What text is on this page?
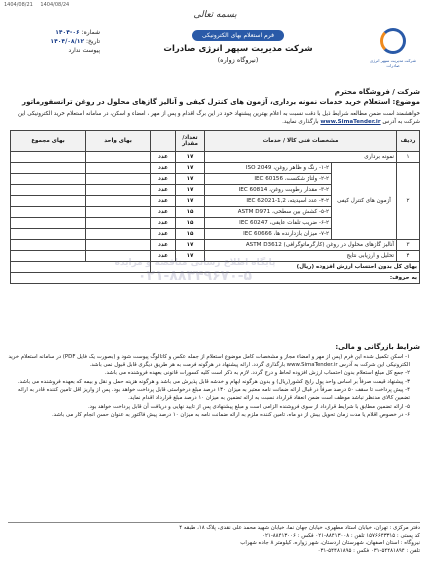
1404/08/21 1404/08/24
بسمه تعالی
شرکت مدیریت سپهر انرژی صادرات
فرم استعلام بهای الکترونیکی
شرکت مدیریت سپهر انرژی صادرات
(نیروگاه زواره)
شماره: ۰۶-۱۴۰۴
تاریخ: ۱۴۰۴/۰۸/۱۲
پیوست ندارد
شرکت / فروشگاه محترم
موضوع: استعلام خرید خدمات نمونه برداری، آزمون های کنترل کیفی و آنالیز گازهای محلول در روغن ترانسفورماتور
خواهشمند است ضمن مطالعه شرایط ذیل با دقت نسبت به اعلام بهترین پیشنهاد خود در این برگ اقدام و پس از مهر ، امضاء و اسکن، در سامانه استعلام خرید الکترونیکی این شرکت به آدرس www.SimaTender.ir بارگذاری نمایید.
ردیف	مشخصات فنی کالا / خدمات		تعداد/مقدار		بهای واحد	بهای مجموع
۱	نمونه برداری		۱۷	عدد		
۲	آزمون های کنترل کیفی	۱-۲- رنگ و ظاهر روغن، ISO 2049	۱۷	عدد		
		۲-۲- ولتاژ شکست، IEC 60156	۱۷	عدد		
		۳-۲- مقدار رطوبت روغن، IEC 60814	۱۷	عدد		
		۴-۲- عدد اسیدیته، IEC 62021-1,2	۱۷	عدد		
		۵-۲- کشش بین سطحی، ASTM D971	۱۵	عدد		
		۶-۲- ضریب تلفات عایقی، IEC 60247	۱۵	عدد		
		۷-۲- میزان بازدارنده ها، IEC 60666	۱۵	عدد		
۳	آنالیز گازهای محلول در روغن (کارگرماتوگرافی) ASTM D3612		۱۷	عدد		
۴	تحلیل و ارزیابی نتایج		۱۷	عدد		
بهای کل بدون احتساب ارزش افزوده (ریال)						
به حروف:						
پایگاه اطلاع رسانی مناقصه و مزایده
۰۲۱-۸۸۳۴۹۶۷۰-۵
شرایط بازرگانی و مالی:
۱- اسکن تکمیل شده این فرم (پس از مهر و امضاء مجاز و مشخصات کامل موضوع استعلام از جمله عکس و کاتالوگ پیوست شود و (بصورت یک فایل PDF) در سامانه استعلام خرید الکترونیکی این شرکت به آدرس www.SimaTender.ir بارگذاری گردد. ارائه پیشنهاد در هرگونه فرمت به هر طریق دیگری قابل قبول نمی باشد.
۲- جمع کل مبلغ استعلام بدون احتساب ارزش افزوده لحاظ و درج گردد. لازم به ذکر است کلیه کسورات قانونی بعهده فروشنده می باشد.
۳- پیشنهاد قیمت صرفاً بر اساس واحد پول رایج کشور(ریال) و بدون هرگونه ابهام و خدشه قابل پذیرش می باشد و هرگونه هزینه حمل و نقل و بیمه که بعهده فروشنده می باشد.
۴- پیش پرداخت تا سقف ۵۰ درصد صرفاً در قبال ارائه ضمانت نامه معتبر به میزان ۱۳۰ درصد مبلغ درخواستی قابل پرداخت خواهد بود. پس از واریز اقل تامین کننده قادر به ارائه تضمین کالای مدنظر نباشد موظف است ضمن انعقاد قرارداد نسبت به ارائه تضمین به میزان ۱۰ درصد مبلغ قرارداد اقدام نماید.
۵- ارائه تضمین مطابق با شرایط قرارداد از سوی فروشنده الزامی است و مبلغ پیشنهادی پس از تایید نهایی و دریافت آن قابل پرداخت خواهد بود.
۶- در خصوص اقلام یا مدت زمان تحویل بیش از دو ماه، تامین کننده ملزم به ارائه ضمانت نامه به میزان ۱۰ درصد پیش فاکتور به عنوان حسن انجام کار می باشد.
دفتر مرکزی : تهران، خیابان استاد مطهری، خیابان جهان نما، خیابان شهید محمد علی نقدی، پلاک ۱۸، طبقه ۴
کد پستی : ۱۵۷۶۶۴۳۳۱۵ تلفن : ۸۸۴۱۳۰۰۸-۰۲۱ فکس : ۸۸۴۱۳۰۰۶-۰۲۱
نیروگاه : استان اصفهان، شهرستان اردستان، شهر زواره، کیلومتر ۸ جاده شهراب
تلفن : ۵۴۴۸۱۸۹۴-۰۳۱ فکس : ۵۴۴۸۱۸۹۵-۰۳۱
